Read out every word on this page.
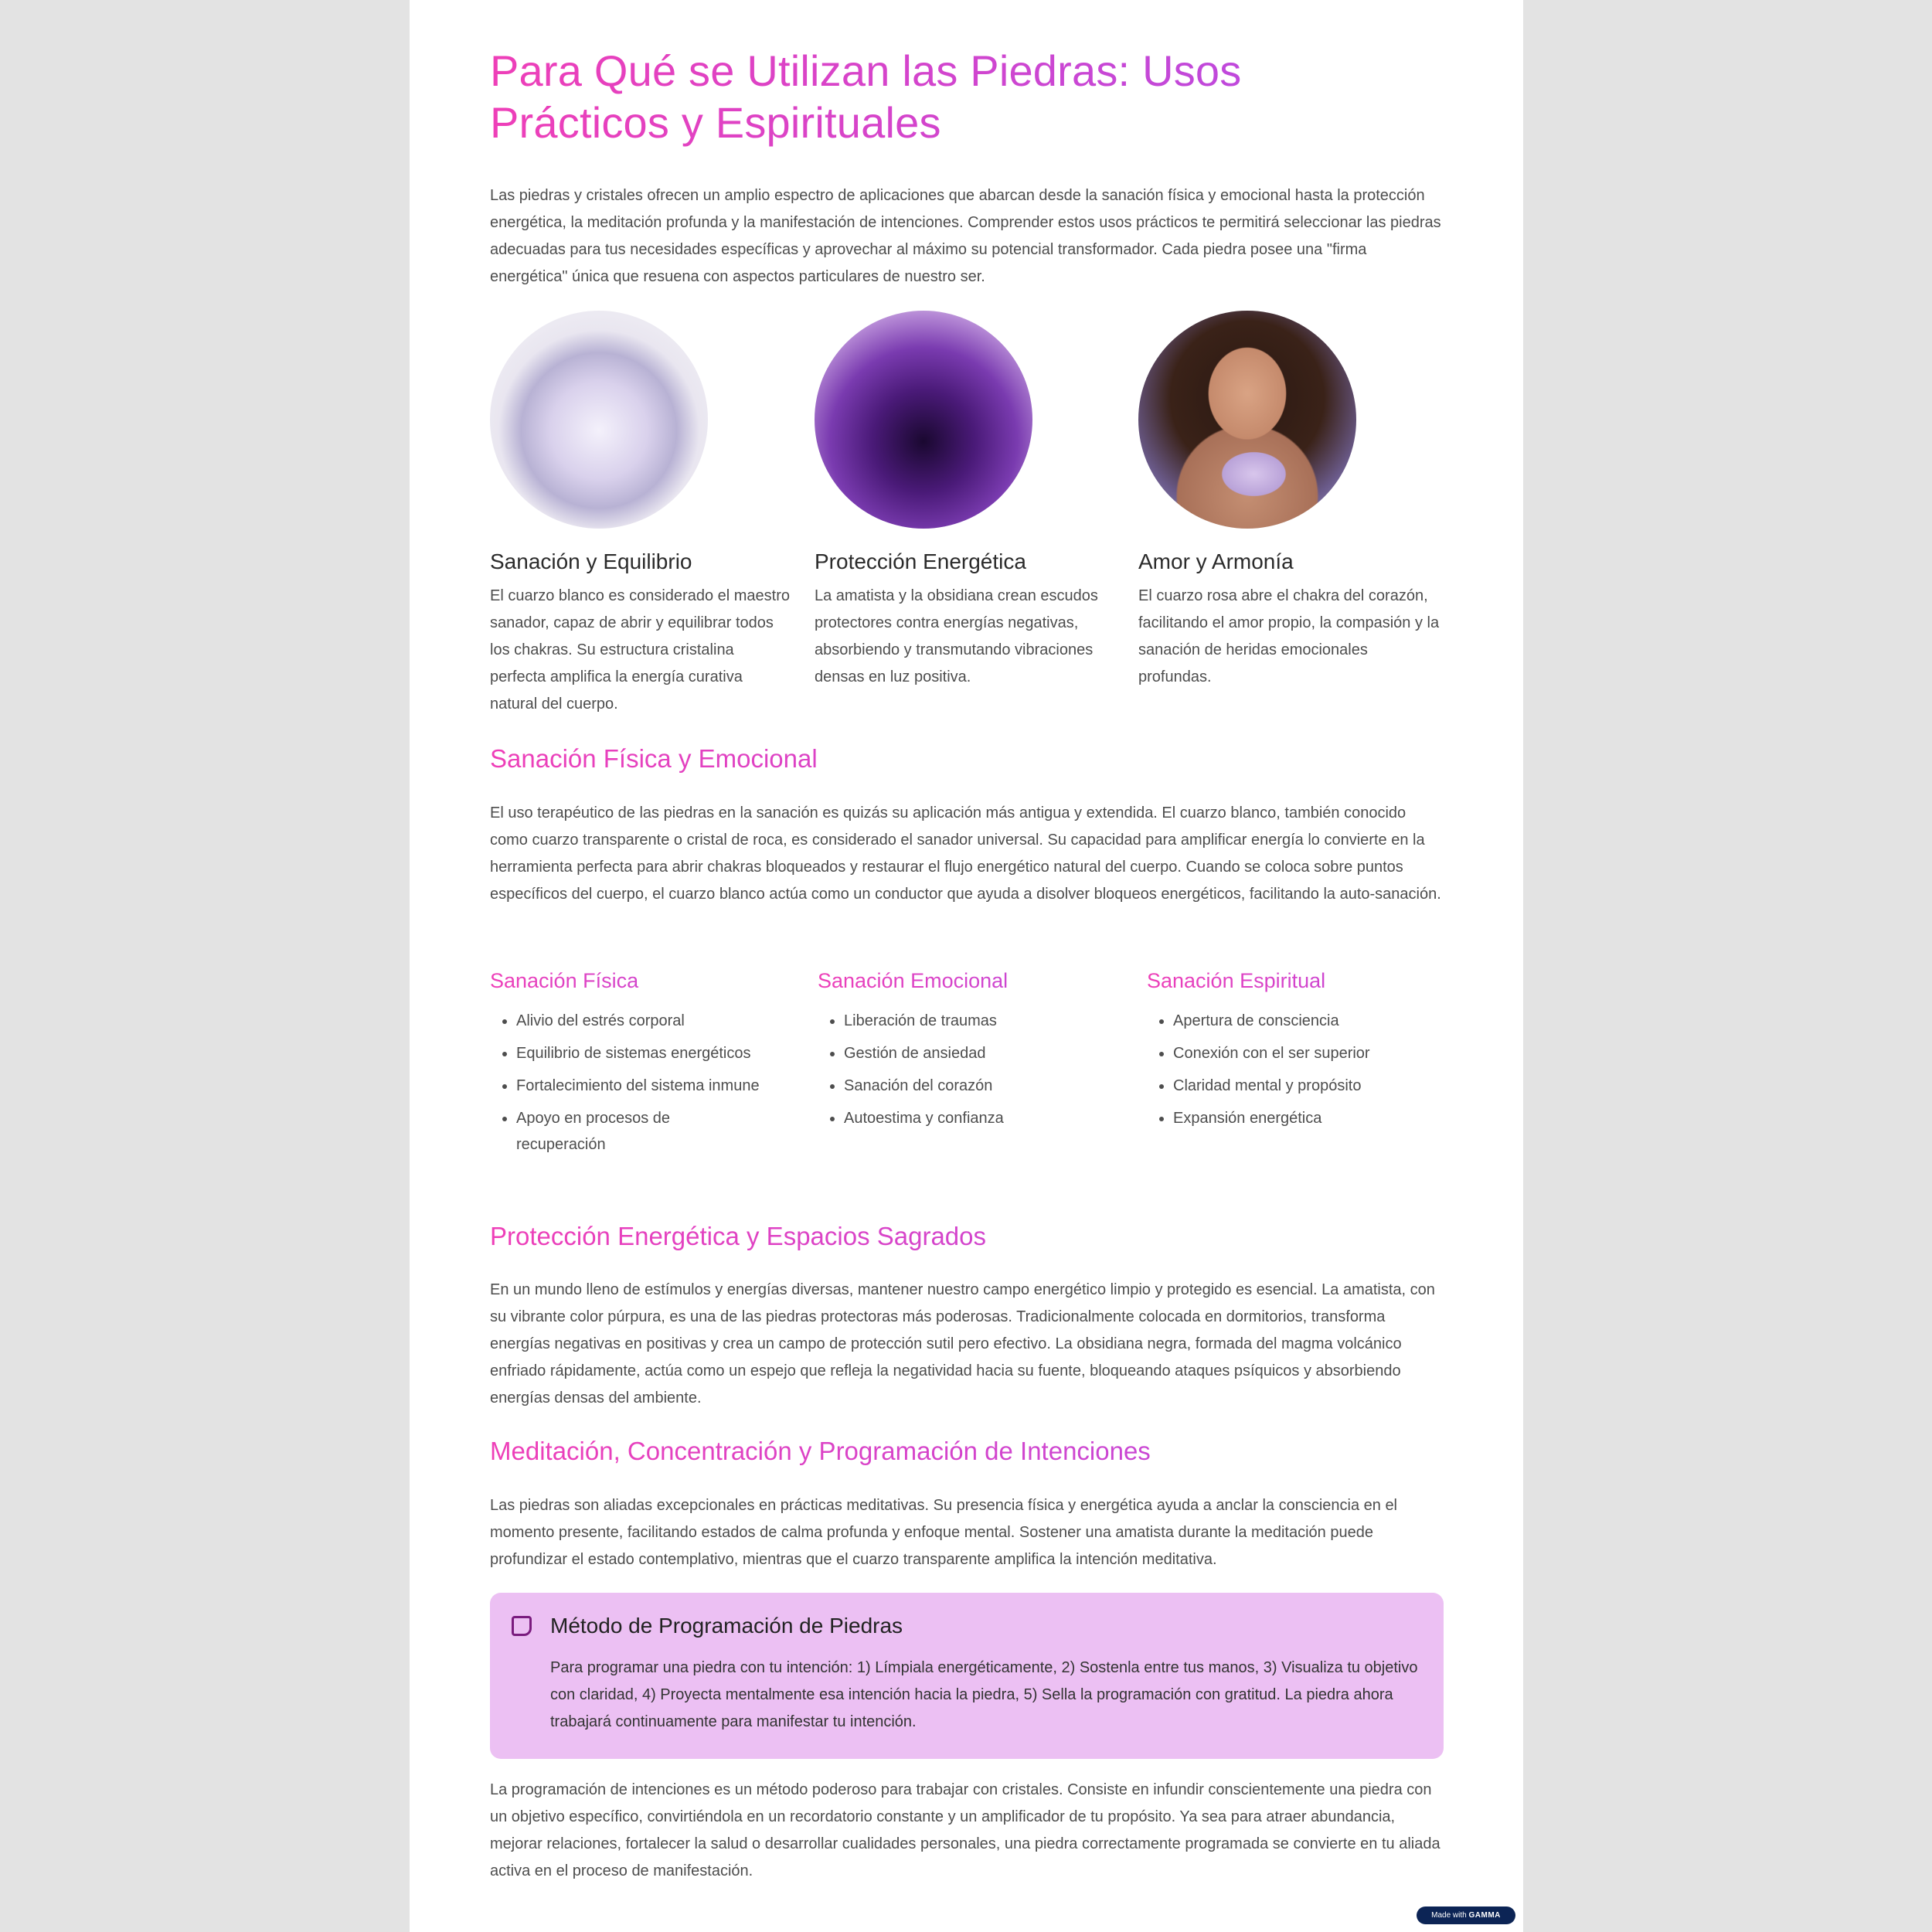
Para Qué se Utilizan las Piedras: Usos Prácticos y Espirituales

Las piedras y cristales ofrecen un amplio espectro de aplicaciones que abarcan desde la sanación física y emocional hasta la protección energética, la meditación profunda y la manifestación de intenciones. Comprender estos usos prácticos te permitirá seleccionar las piedras adecuadas para tus necesidades específicas y aprovechar al máximo su potencial transformador. Cada piedra posee una "firma energética" única que resuena con aspectos particulares de nuestro ser.

Sanación y Equilibrio

El cuarzo blanco es considerado el maestro sanador, capaz de abrir y equilibrar todos los chakras. Su estructura cristalina perfecta amplifica la energía curativa natural del cuerpo.

Protección Energética

La amatista y la obsidiana crean escudos protectores contra energías negativas, absorbiendo y transmutando vibraciones densas en luz positiva.

Amor y Armonía

El cuarzo rosa abre el chakra del corazón, facilitando el amor propio, la compasión y la sanación de heridas emocionales profundas.

Sanación Física y Emocional

El uso terapéutico de las piedras en la sanación es quizás su aplicación más antigua y extendida. El cuarzo blanco, también conocido como cuarzo transparente o cristal de roca, es considerado el sanador universal. Su capacidad para amplificar energía lo convierte en la herramienta perfecta para abrir chakras bloqueados y restaurar el flujo energético natural del cuerpo. Cuando se coloca sobre puntos específicos del cuerpo, el cuarzo blanco actúa como un conductor que ayuda a disolver bloqueos energéticos, facilitando la auto-sanación.

Sanación Física
• Alivio del estrés corporal
• Equilibrio de sistemas energéticos
• Fortalecimiento del sistema inmune
• Apoyo en procesos de recuperación
Sanación Emocional
• Liberación de traumas
• Gestión de ansiedad
• Sanación del corazón
• Autoestima y confianza
Sanación Espiritual
• Apertura de consciencia
• Conexión con el ser superior
• Claridad mental y propósito
• Expansión energética
Protección Energética y Espacios Sagrados

En un mundo lleno de estímulos y energías diversas, mantener nuestro campo energético limpio y protegido es esencial. La amatista, con su vibrante color púrpura, es una de las piedras protectoras más poderosas. Tradicionalmente colocada en dormitorios, transforma energías negativas en positivas y crea un campo de protección sutil pero efectivo. La obsidiana negra, formada del magma volcánico enfriado rápidamente, actúa como un espejo que refleja la negatividad hacia su fuente, bloqueando ataques psíquicos y absorbiendo energías densas del ambiente.

Meditación, Concentración y Programación de Intenciones

Las piedras son aliadas excepcionales en prácticas meditativas. Su presencia física y energética ayuda a anclar la consciencia en el momento presente, facilitando estados de calma profunda y enfoque mental. Sostener una amatista durante la meditación puede profundizar el estado contemplativo, mientras que el cuarzo transparente amplifica la intención meditativa.

Método de Programación de Piedras

Para programar una piedra con tu intención: 1) Límpiala energéticamente, 2) Sostenla entre tus manos, 3) Visualiza tu objetivo con claridad, 4) Proyecta mentalmente esa intención hacia la piedra, 5) Sella la programación con gratitud. La piedra ahora trabajará continuamente para manifestar tu intención.

La programación de intenciones es un método poderoso para trabajar con cristales. Consiste en infundir conscientemente una piedra con un objetivo específico, convirtiéndola en un recordatorio constante y un amplificador de tu propósito. Ya sea para atraer abundancia, mejorar relaciones, fortalecer la salud o desarrollar cualidades personales, una piedra correctamente programada se convierte en tu aliada activa en el proceso de manifestación.

Made with GAMMA
